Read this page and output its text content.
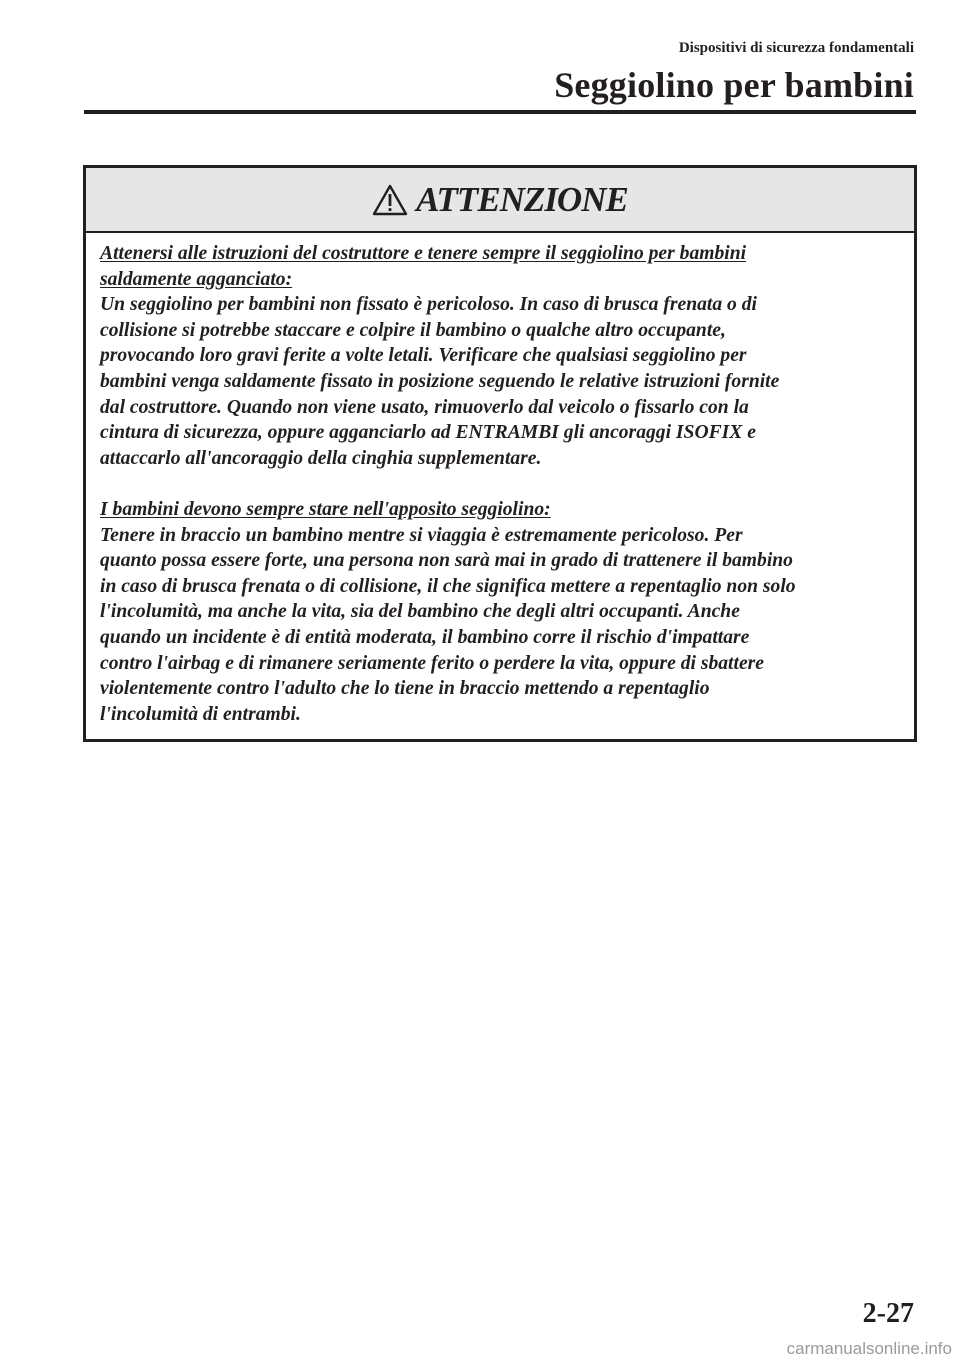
Dispositivi di sicurezza fondamentali
Seggiolino per bambini
ATTENZIONE
Attenersi alle istruzioni del costruttore e tenere sempre il seggiolino per bambini
saldamente agganciato:
Un seggiolino per bambini non fissato è pericoloso. In caso di brusca frenata o di
collisione si potrebbe staccare e colpire il bambino o qualche altro occupante,
provocando loro gravi ferite a volte letali. Verificare che qualsiasi seggiolino per
bambini venga saldamente fissato in posizione seguendo le relative istruzioni fornite
dal costruttore. Quando non viene usato, rimuoverlo dal veicolo o fissarlo con la
cintura di sicurezza, oppure agganciarlo ad ENTRAMBI gli ancoraggi ISOFIX e
attaccarlo all'ancoraggio della cinghia supplementare.
I bambini devono sempre stare nell'apposito seggiolino:
Tenere in braccio un bambino mentre si viaggia è estremamente pericoloso. Per
quanto possa essere forte, una persona non sarà mai in grado di trattenere il bambino
in caso di brusca frenata o di collisione, il che significa mettere a repentaglio non solo
l'incolumità, ma anche la vita, sia del bambino che degli altri occupanti. Anche
quando un incidente è di entità moderata, il bambino corre il rischio d'impattare
contro l'airbag e di rimanere seriamente ferito o perdere la vita, oppure di sbattere
violentemente contro l'adulto che lo tiene in braccio mettendo a repentaglio
l'incolumità di entrambi.
2-27
carmanualsonline.info
